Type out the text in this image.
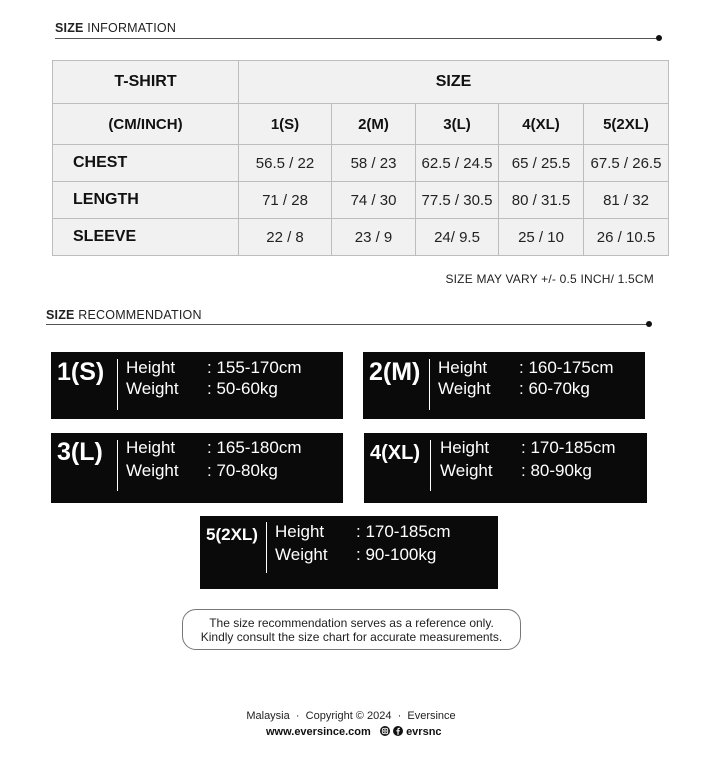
SIZE INFORMATION
T-SHIRT	SIZE				
(CM/INCH)	1(S)	2(M)	3(L)	4(XL)	5(2XL)
CHEST	56.5 / 22	58 / 23	62.5 / 24.5	65 / 25.5	67.5 / 26.5
LENGTH	71 / 28	74 / 30	77.5 / 30.5	80 / 31.5	81 / 32
SLEEVE	22 / 8	23 / 9	24/ 9.5	25 / 10	26 / 10.5
SIZE MAY VARY +/- 0.5 INCH/ 1.5CM
SIZE RECOMMENDATION
1(S) Height : 155-170cm
Weight : 50-60kg
2(M) Height : 160-175cm
Weight : 60-70kg
3(L) Height : 165-180cm
Weight : 70-80kg
4(XL) Height : 170-185cm
Weight : 80-90kg
5(2XL) Height : 170-185cm
Weight : 90-100kg
The size recommendation serves as a reference only.
Kindly consult the size chart for accurate measurements.
Malaysia · Copyright © 2024 · Eversince
www.eversince.com
	evrsnc
